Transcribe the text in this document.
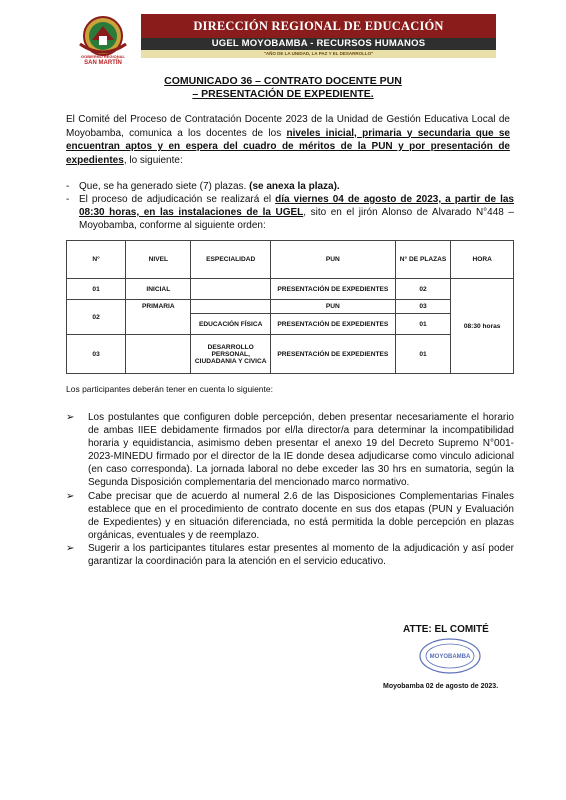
GOBIERNO REGIONAL
SAN MARTÍN
DIRECCIÓN REGIONAL DE EDUCACIÓN
UGEL MOYOBAMBA - RECURSOS HUMANOS
"AÑO DE LA UNIDAD, LA PAZ Y EL DESARROLLO"
COMUNICADO 36 – CONTRATO DOCENTE PUN
– PRESENTACIÓN DE EXPEDIENTE.
El Comité del Proceso de Contratación Docente 2023 de la Unidad de Gestión Educativa Local de Moyobamba, comunica a los docentes de los niveles inicial, primaria y secundaria que se encuentran aptos y en espera del cuadro de méritos de la PUN y por presentación de expedientes, lo siguiente:
- Que, se ha generado siete (7) plazas. (se anexa la plaza).
- El proceso de adjudicación se realizará el día viernes 04 de agosto de 2023, a partir de las 08:30 horas, en las instalaciones de la UGEL, sito en el jirón Alonso de Alvarado N°448 – Moyobamba, conforme al siguiente orden:
N°	NIVEL	ESPECIALIDAD	PUN	N° DE PLAZAS	HORA
01	INICIAL		PRESENTACIÓN DE EXPEDIENTES	02	08:30 horas
02	PRIMARIA		PUN	03	
		EDUCACIÓN FÍSICA	PRESENTACIÓN DE EXPEDIENTES	01	
03		DESARROLLO PERSONAL, CIUDADANIA Y CIVICA	PRESENTACIÓN DE EXPEDIENTES	01	
Los participantes deberán tener en cuenta lo siguiente:
➢ Los postulantes que configuren doble percepción, deben presentar necesariamente el horario de ambas IIEE debidamente firmados por el/la director/a para determinar la incompatibilidad horaria y equidistancia, asimismo deben presentar el anexo 19 del Decreto Supremo N°001-2023-MINEDU firmado por el director de la IE donde desea adjudicarse como vinculo adicional (en caso corresponda). La jornada laboral no debe exceder las 30 hrs en sumatoria, según la Segunda Disposición complementaria del mencionado marco normativo.
➢ Cabe precisar que de acuerdo al numeral 2.6 de las Disposiciones Complementarias Finales establece que en el procedimiento de contrato docente en sus dos etapas (PUN y Evaluación de Expedientes) y en situación diferenciada, no está permitida la doble percepción en plazas orgánicas, eventuales y de reemplazo.
➢ Sugerir a los participantes titulares estar presentes al momento de la adjudicación y así poder garantizar la coordinación para la atención en el servicio educativo.
ATTE: EL COMITÉ
MOYOBAMBA
Moyobamba 02 de agosto de 2023.
